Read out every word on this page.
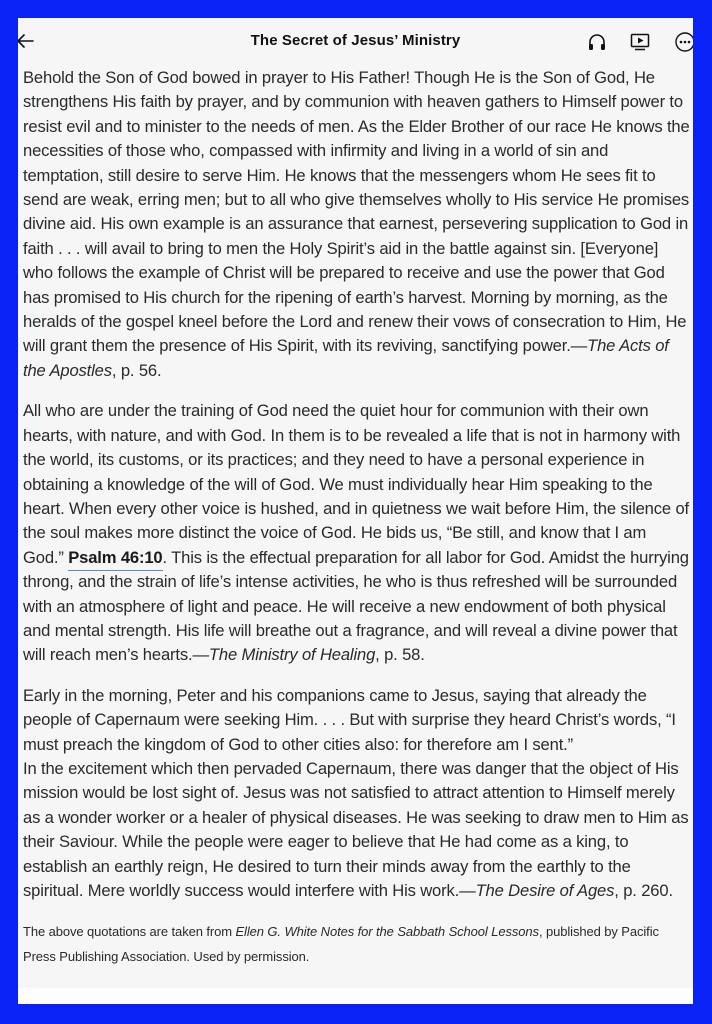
The Secret of Jesus’ Ministry

Behold the Son of God bowed in prayer to His Father! Though He is the Son of God, He strengthens His faith by prayer, and by communion with heaven gathers to Himself power to resist evil and to minister to the needs of men. As the Elder Brother of our race He knows the necessities of those who, compassed with infirmity and living in a world of sin and temptation, still desire to serve Him. He knows that the messengers whom He sees fit to send are weak, erring men; but to all who give themselves wholly to His service He promises divine aid. His own example is an assurance that earnest, persevering supplication to God in faith . . . will avail to bring to men the Holy Spirit’s aid in the battle against sin. [Everyone] who follows the example of Christ will be prepared to receive and use the power that God has promised to His church for the ripening of earth’s harvest. Morning by morning, as the heralds of the gospel kneel before the Lord and renew their vows of consecration to Him, He will grant them the presence of His Spirit, with its reviving, sanctifying power.—The Acts of the Apostles, p. 56.

All who are under the training of God need the quiet hour for communion with their own hearts, with nature, and with God. In them is to be revealed a life that is not in harmony with the world, its customs, or its practices; and they need to have a personal experience in obtaining a knowledge of the will of God. We must individually hear Him speaking to the heart. When every other voice is hushed, and in quietness we wait before Him, the silence of the soul makes more distinct the voice of God. He bids us, “Be still, and know that I am God.” Psalm 46:10. This is the effectual preparation for all labor for God. Amidst the hurrying throng, and the strain of life’s intense activities, he who is thus refreshed will be surrounded with an atmosphere of light and peace. He will receive a new endowment of both physical and mental strength. His life will breathe out a fragrance, and will reveal a divine power that will reach men’s hearts.—The Ministry of Healing, p. 58.

Early in the morning, Peter and his companions came to Jesus, saying that already the people of Capernaum were seeking Him. . . . But with surprise they heard Christ’s words, “I must preach the kingdom of God to other cities also: for therefore am I sent.”

In the excitement which then pervaded Capernaum, there was danger that the object of His mission would be lost sight of. Jesus was not satisfied to attract attention to Himself merely as a wonder worker or a healer of physical diseases. He was seeking to draw men to Him as their Saviour. While the people were eager to believe that He had come as a king, to establish an earthly reign, He desired to turn their minds away from the earthly to the spiritual. Mere worldly success would interfere with His work.—The Desire of Ages, p. 260.

The above quotations are taken from Ellen G. White Notes for the Sabbath School Lessons, published by Pacific Press Publishing Association. Used by permission.
